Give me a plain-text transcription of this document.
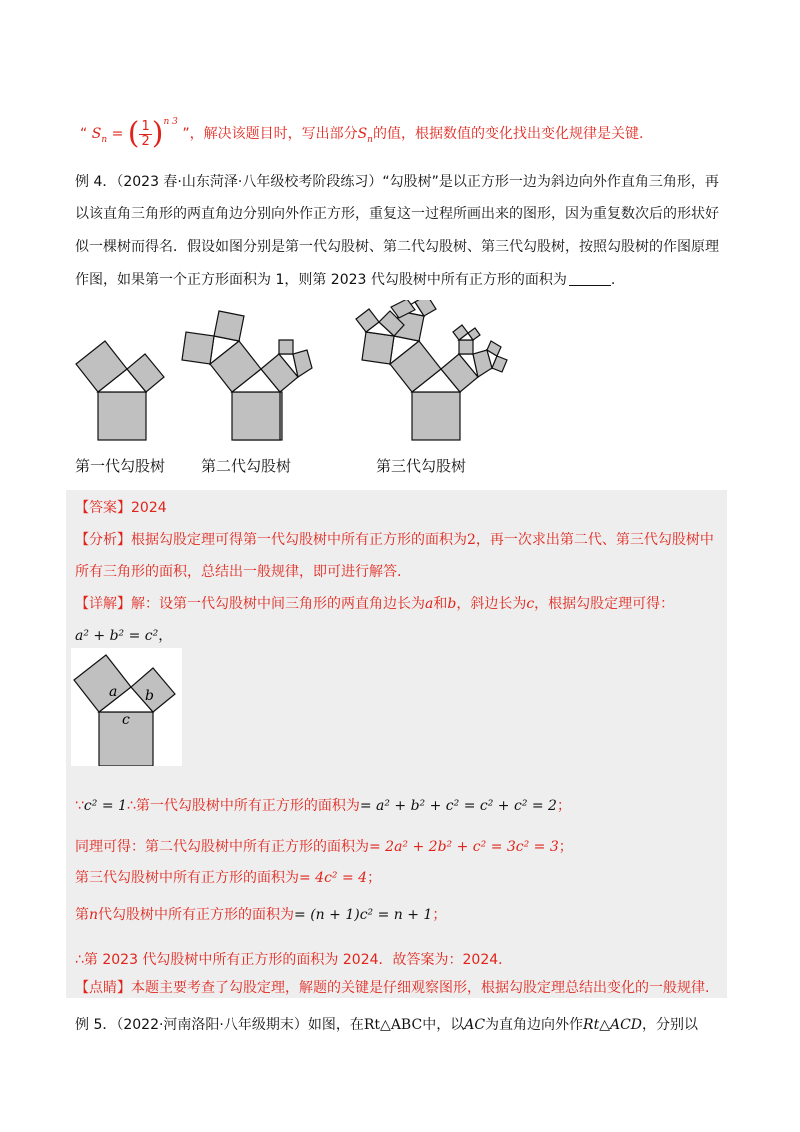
“ $S_n$ = ( $\frac{1}{2} )^{n 3}$ ”，解决该题目时，写出部分$S_n$的值，根据数值的变化找出变化规律是关键.
例 4．（2023 春·山东菏泽·八年级校考阶段练习）“勾股树”是以正方形一边为斜边向外作直角三角形，再
以该直角三角形的两直角边分别向外作正方形，重复这一过程所画出来的图形，因为重复数次后的形状好
似一棵树而得名．假设如图分别是第一代勾股树、第二代勾股树、第三代勾股树，按照勾股树的作图原理
作图，如果第一个正方形面积为 1，则第 2023 代勾股树中所有正方形的面积为	.
第一代勾股树 第二代勾股树	第三代勾股树
【答案】2024
【分析】根据勾股定理可得第一代勾股树中所有正方形的面积为2，再一次求出第二代、第三代勾股树中
所有三角形的面积，总结出一般规律，即可进行解答.
【详解】解：设第一代勾股树中间三角形的两直角边长为a和b，斜边长为c，根据勾股定理可得：
a² + b² = c²，
a b
c
∵c² = 1∴第一代勾股树中所有正方形的面积为= a² + b² + c² = c² + c² = 2；
同理可得：第二代勾股树中所有正方形的面积为= 2a² + 2b² + c² = 3c² = 3；
第三代勾股树中所有正方形的面积为= 4c² = 4；
第n代勾股树中所有正方形的面积为= (n + 1)c² = n + 1；
∴第 2023 代勾股树中所有正方形的面积为 2024．故答案为：2024．
【点睛】本题主要考查了勾股定理，解题的关键是仔细观察图形，根据勾股定理总结出变化的一般规律.
例 5．（2022·河南洛阳·八年级期末）如图，在Rt△ABC中，以AC为直角边向外作Rt△ACD，分别以
